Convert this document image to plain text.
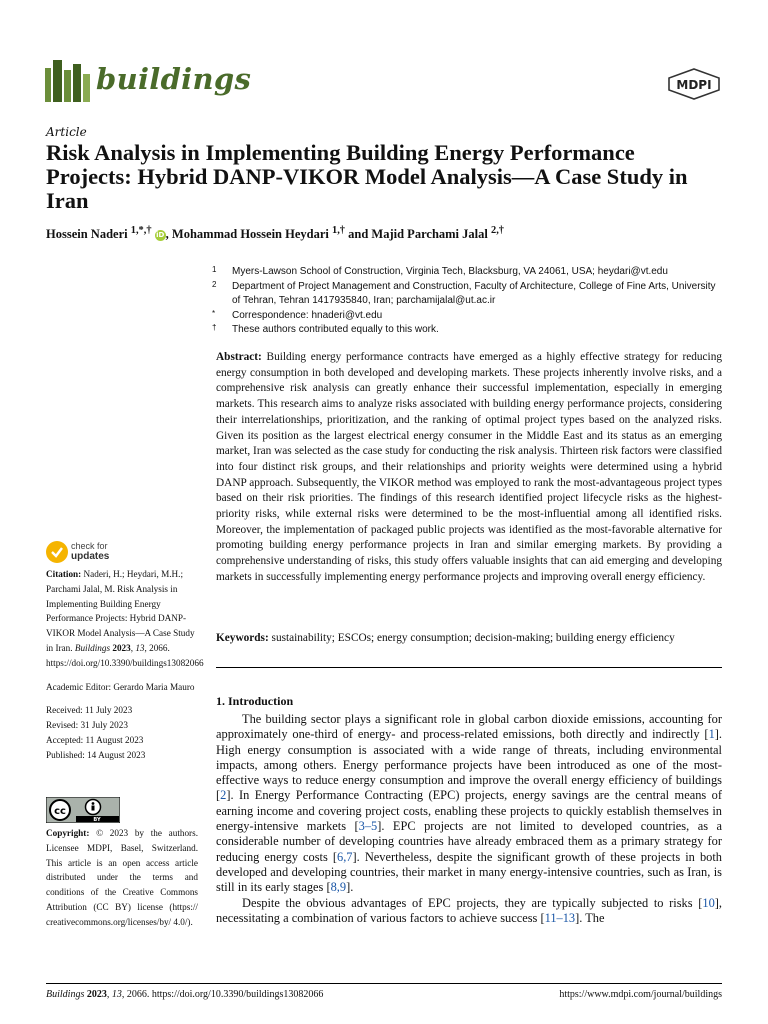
buildings	MDPI
Article
Risk Analysis in Implementing Building Energy Performance Projects: Hybrid DANP-VIKOR Model Analysis—A Case Study in Iran
Hossein Naderi $^{1,*,\dagger}$ iD, Mohammad Hossein Heydari $^{1,\dagger}$ and Majid Parchami Jalal $^{2,\dagger}$
1 Myers-Lawson School of Construction, Virginia Tech, Blacksburg, VA 24061, USA; heydari@vt.edu
2 Department of Project Management and Construction, Faculty of Architecture, College of Fine Arts, University of Tehran, Tehran 1417935840, Iran; parchamijalal@ut.ac.ir
* Correspondence: hnaderi@vt.edu
† These authors contributed equally to this work.

Abstract: Building energy performance contracts have emerged as a highly effective strategy for reducing energy consumption in both developed and developing markets. These projects inherently involve risks, and a comprehensive risk analysis can greatly enhance their successful implementation, especially in emerging markets. This research aims to analyze risks associated with building energy performance projects, considering their interrelationships, prioritization, and the ranking of optimal project types based on the analyzed risks. Given its position as the largest electrical energy consumer in the Middle East and its status as an emerging market, Iran was selected as the case study for conducting the risk analysis. Thirteen risk factors were classified into four distinct risk groups, and their relationships and priority weights were determined using a hybrid DANP approach. Subsequently, the VIKOR method was employed to rank the most-advantageous project types based on their risk priorities. The findings of this research identified project lifecycle risks as the highest-priority risks, while external risks were determined to be the most-influential among all identified risks. Moreover, the implementation of packaged public projects was identified as the most-favorable alternative for promoting building energy performance projects in Iran and similar emerging markets. By providing a comprehensive understanding of risks, this study offers valuable insights that can aid emerging and developing markets in successfully implementing energy performance projects and improving overall energy efficiency.

Keywords: sustainability; ESCOs; energy consumption; decision-making; building energy efficiency
check for
updates

Citation: Naderi, H.; Heydari, M.H.; Parchami Jalal, M. Risk Analysis in Implementing Building Energy Performance Projects: Hybrid DANP-VIKOR Model Analysis—A Case Study in Iran. Buildings 2023, 13, 2066. https://doi.org/10.3390/buildings13082066

Academic Editor: Gerardo Maria Mauro

Received: 11 July 2023

Revised: 31 July 2023

Accepted: 11 August 2023

Published: 14 August 2023

cc
BY

Copyright: © 2023 by the authors. Licensee MDPI, Basel, Switzerland. This article is an open access article distributed under the terms and conditions of the Creative Commons Attribution (CC BY) license (https:// creativecommons.org/licenses/by/ 4.0/).

1. Introduction

The building sector plays a significant role in global carbon dioxide emissions, accounting for approximately one-third of energy- and process-related emissions, both directly and indirectly [1]. High energy consumption is associated with a wide range of threats, including environmental impacts, among others. Energy performance projects have been introduced as one of the most-effective ways to reduce energy consumption and improve the overall energy efficiency of buildings [2]. In Energy Performance Contracting (EPC) projects, energy savings are the central means of earning income and covering project costs, enabling these projects to quickly establish themselves in energy-intensive markets [3–5]. EPC projects are not limited to developed countries, as a considerable number of developing countries have already embraced them as a primary strategy for reducing energy costs [6,7]. Nevertheless, despite the significant growth of these projects in both developed and developing countries, their market in many energy-intensive countries, such as Iran, is still in its early stages [8,9].

Despite the obvious advantages of EPC projects, they are typically subjected to risks [10], necessitating a combination of various factors to achieve success [11–13]. The

Buildings 2023, 13, 2066. https://doi.org/10.3390/buildings13082066	https://www.mdpi.com/journal/buildings
